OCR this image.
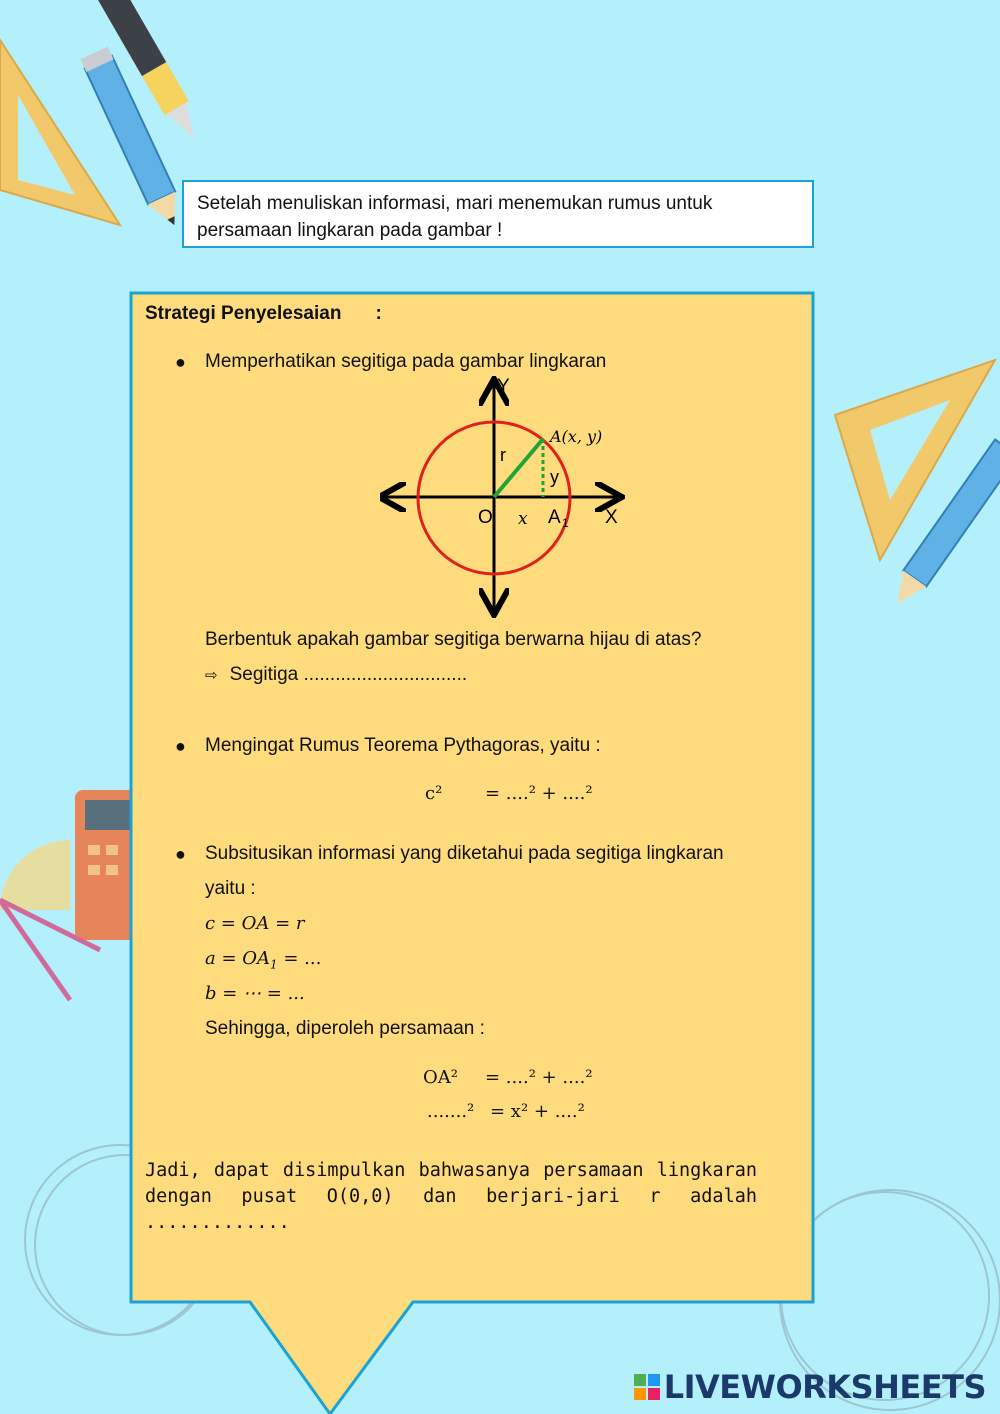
Setelah menuliskan informasi, mari menemukan rumus untuk
persamaan lingkaran pada gambar !
Strategi Penyelesaian :
● Memperhatikan segitiga pada gambar lingkaran
Y
X
O
A(x, y)
r
y
x A 1
Berbentuk apakah gambar segitiga berwarna hijau di atas?
⇨ Segitiga ...............................
● Mengingat Rumus Teorema Pythagoras, yaitu :
c² = ....² + ....²
● Subsitusikan informasi yang diketahui pada segitiga lingkaran
yaitu :
c = OA = r
$a = OA_1$ = ...
b = ⋯ = ...
Sehingga, diperoleh persamaan :
OA² = ....² + ....²
.......² = x² + ....²
Jadi, dapat disimpulkan bahwasanya persamaan lingkaran dengan pusat O(0,0) dan berjari-jari r adalah .............
LIVEWORKSHEETS
